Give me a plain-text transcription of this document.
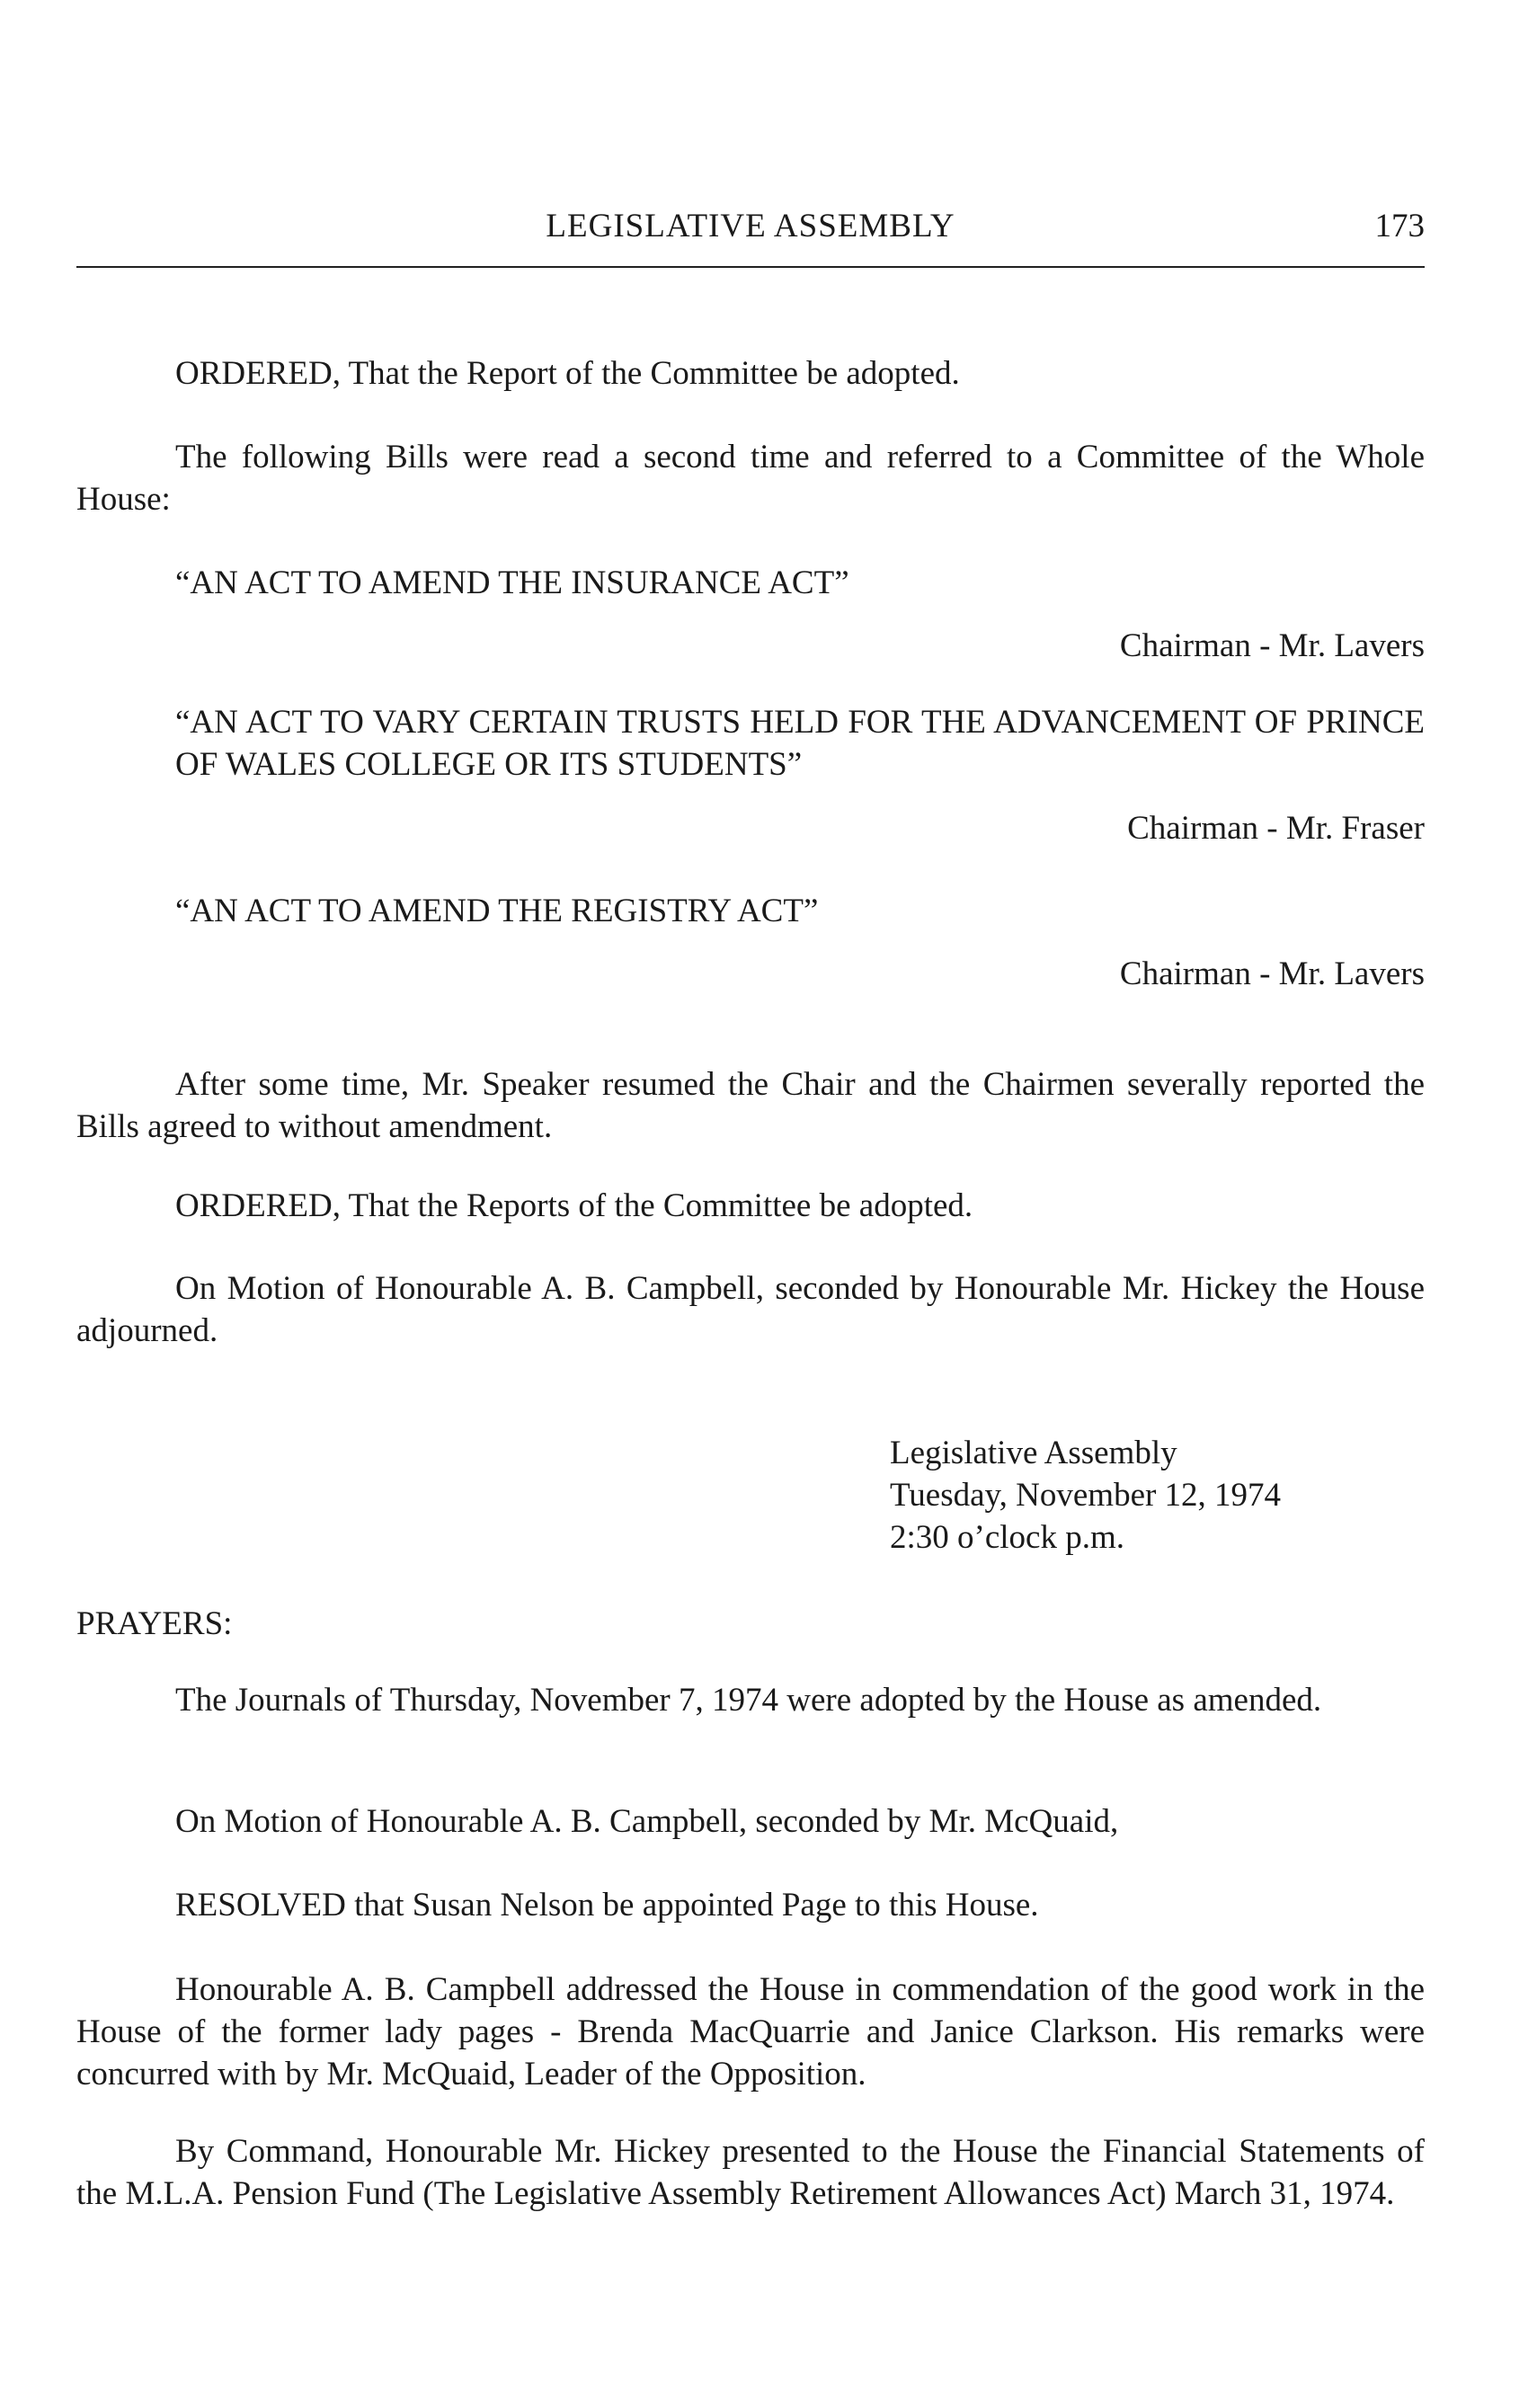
LEGISLATIVE ASSEMBLY	173

ORDERED, That the Report of the Committee be adopted.

The following Bills were read a second time and referred to a Committee of the Whole House:

“AN ACT TO AMEND THE INSURANCE ACT”

Chairman - Mr. Lavers

“AN ACT TO VARY CERTAIN TRUSTS HELD FOR THE ADVANCEMENT OF PRINCE OF WALES COLLEGE OR ITS STUDENTS”

Chairman - Mr. Fraser

“AN ACT TO AMEND THE REGISTRY ACT”

Chairman - Mr. Lavers

After some time, Mr. Speaker resumed the Chair and the Chairmen severally reported the Bills agreed to without amendment.

ORDERED, That the Reports of the Committee be adopted.

On Motion of Honourable A. B. Campbell, seconded by Honourable Mr. Hickey the House adjourned.

Legislative Assembly
Tuesday, November 12, 1974
2:30 o’clock p.m.

PRAYERS:

The Journals of Thursday, November 7, 1974 were adopted by the House as amended.

On Motion of Honourable A. B. Campbell, seconded by Mr. McQuaid,

RESOLVED that Susan Nelson be appointed Page to this House.

Honourable A. B. Campbell addressed the House in commendation of the good work in the House of the former lady pages - Brenda MacQuarrie and Janice Clarkson. His remarks were concurred with by Mr. McQuaid, Leader of the Opposition.

By Command, Honourable Mr. Hickey presented to the House the Financial Statements of the M.L.A. Pension Fund (The Legislative Assembly Retirement Allowances Act) March 31, 1974.
